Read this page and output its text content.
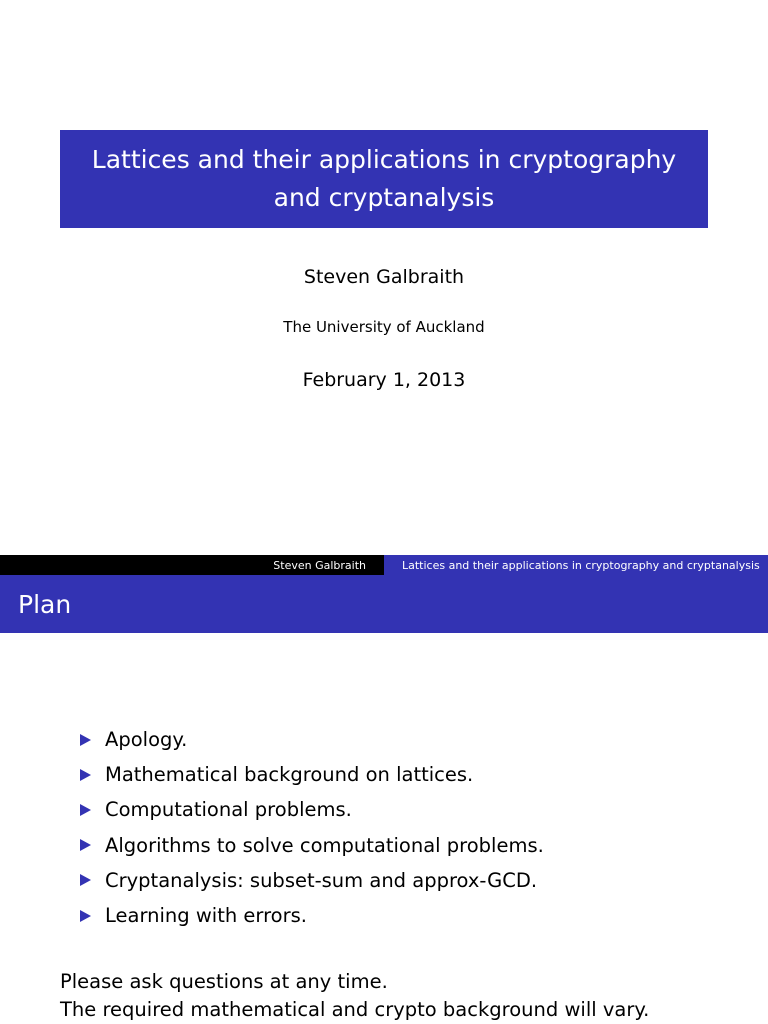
Lattices and their applications in cryptography
and cryptanalysis
Steven Galbraith
The University of Auckland
February 1, 2013
Steven Galbraith	Lattices and their applications in cryptography and cryptanalysis
Plan
Apology.
Mathematical background on lattices.
Computational problems.
Algorithms to solve computational problems.
Cryptanalysis: subset-sum and approx-GCD.
Learning with errors.
Please ask questions at any time.
The required mathematical and crypto background will vary.
